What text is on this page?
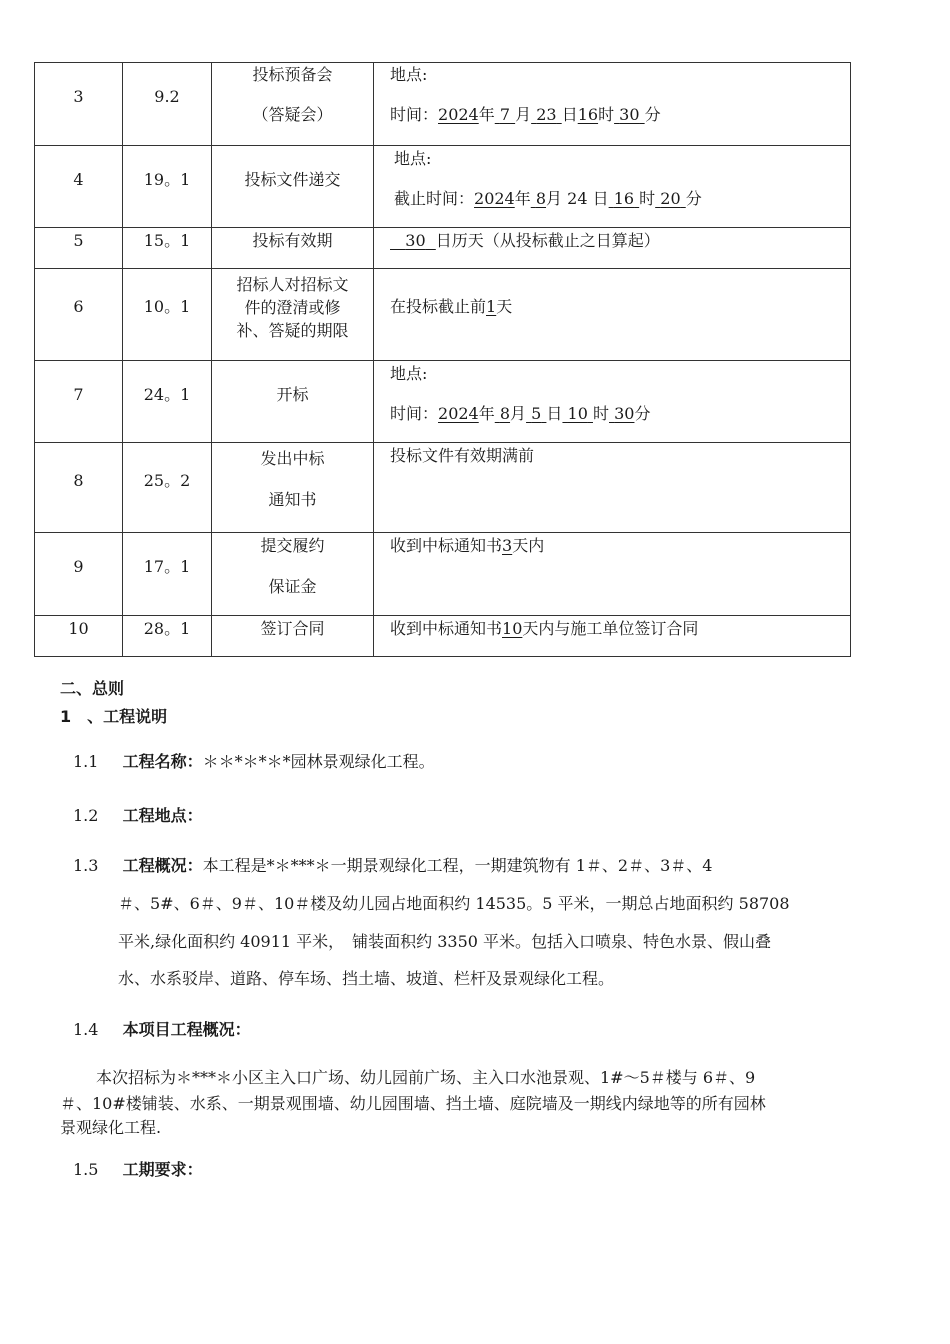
3	9.2	投标预备会
（答疑会）	地点:
时间：2024年 7 月 23 日16时 30 分

4	19。1	投标文件递交	地点:
截止时间：2024年 8月 24 日 16 时 20 分

5	15。1	投标有效期	30 日历天（从投标截止之日算起）

6	10。1	招标人对招标文
件的澄清或修
补、答疑的期限	在投标截止前1天

7	24。1	开标	地点:
时间：2024年 8月 5 日 10 时 30分

8	25。2	发出中标
通知书	投标文件有效期满前

9	17。1	提交履约
保证金	收到中标通知书3天内

10	28。1	签订合同	收到中标通知书10天内与施工单位签订合同
二、总则
1　、工程说明
1.1 工程名称：＊＊*＊*＊*园林景观绿化工程。
1.2 工程地点：
1.3 工程概况：本工程是*＊***＊一期景观绿化工程，一期建筑物有 1＃、2＃、3＃、4
＃、5#、6＃、9＃、10＃楼及幼儿园占地面积约 14535。5 平米，一期总占地面积约 58708
平米,绿化面积约 40911 平米，　铺装面积约 3350 平米。包括入口喷泉、特色水景、假山叠
水、水系驳岸、道路、停车场、挡土墙、坡道、栏杆及景观绿化工程。
1.4 本项目工程概况：
本次招标为＊***＊小区主入口广场、幼儿园前广场、主入口水池景观、1#～5＃楼与 6＃、9
＃、10#楼铺装、水系、一期景观围墙、幼儿园围墙、挡土墙、庭院墙及一期线内绿地等的所有园林
景观绿化工程.
1.5 工期要求：
